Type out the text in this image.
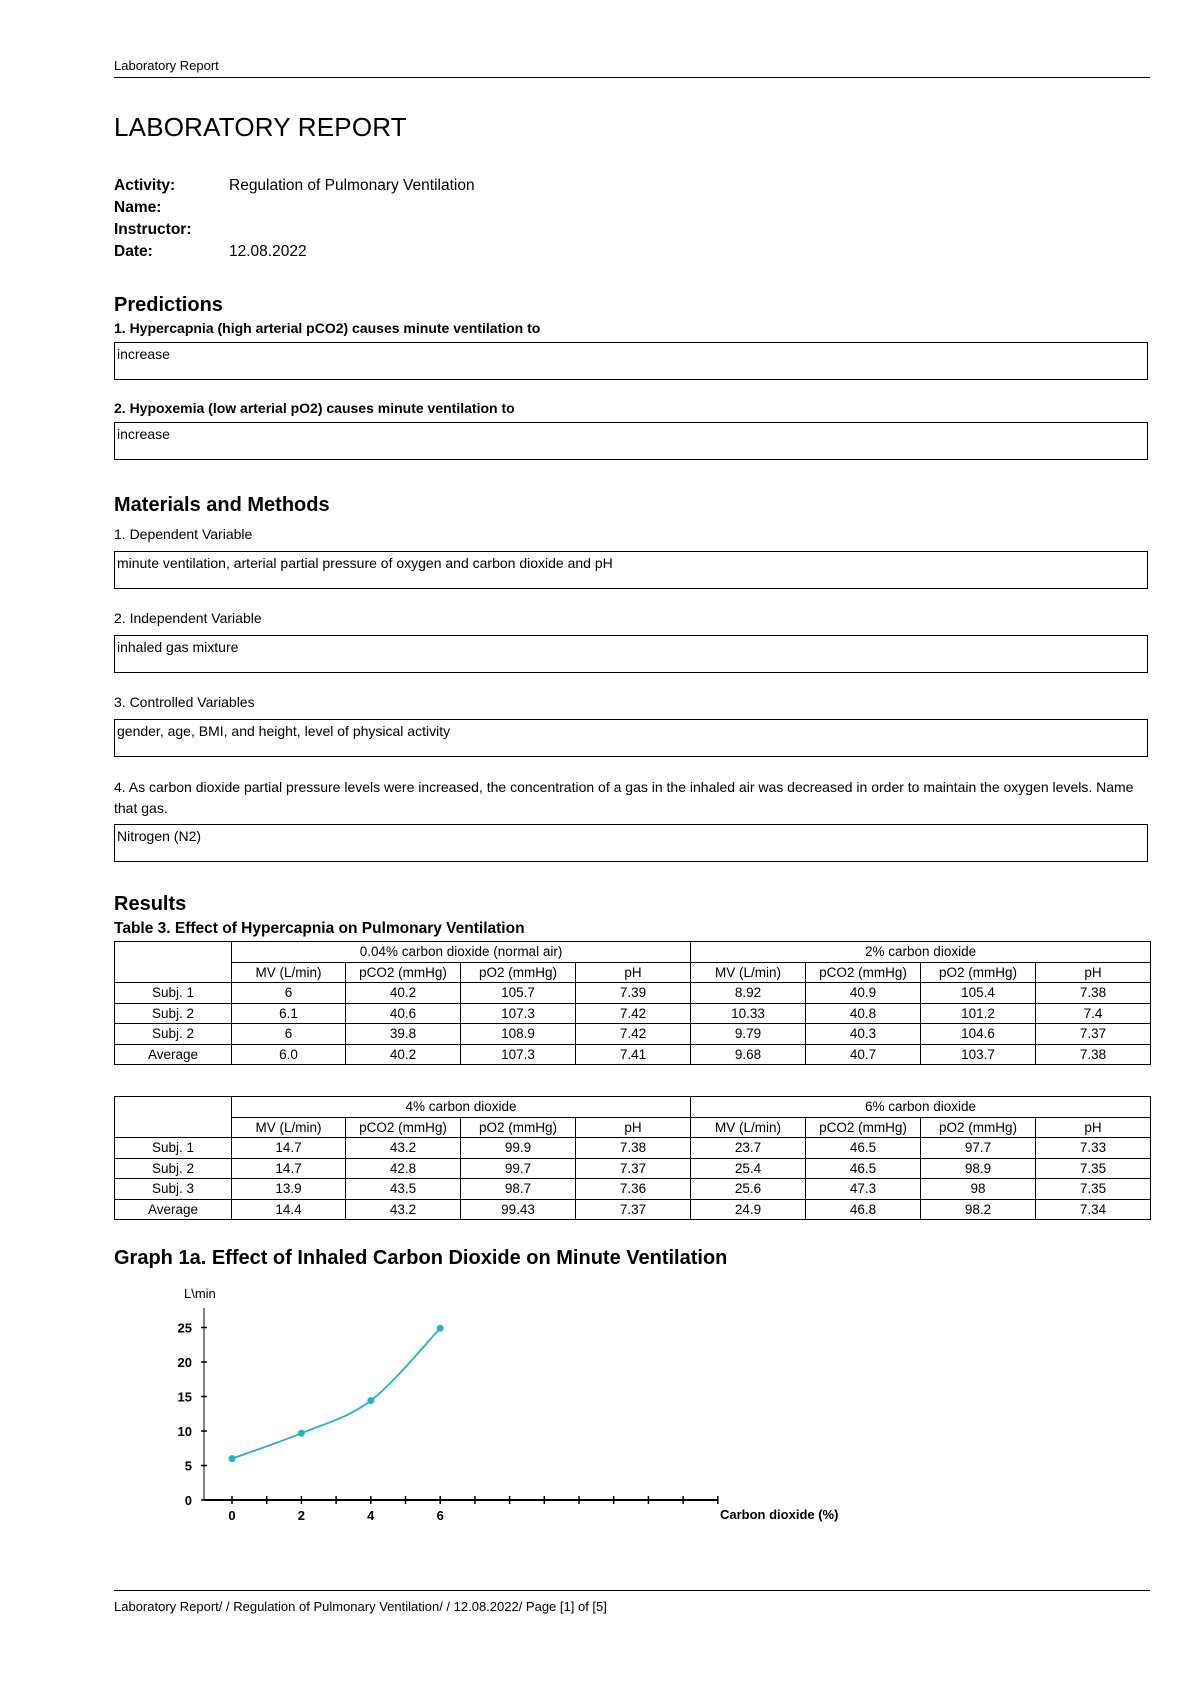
Laboratory Report
LABORATORY REPORT
Activity:	Regulation of Pulmonary Ventilation
Name:
Instructor:
Date:	12.08.2022
Predictions
1. Hypercapnia (high arterial pCO2) causes minute ventilation to
increase
2. Hypoxemia (low arterial pO2) causes minute ventilation to
increase
Materials and Methods
1. Dependent Variable
minute ventilation, arterial partial pressure of oxygen and carbon dioxide and pH
2. Independent Variable
inhaled gas mixture
3. Controlled Variables
gender, age, BMI, and height, level of physical activity
4. As carbon dioxide partial pressure levels were increased, the concentration of a gas in the inhaled air was decreased in order to maintain the oxygen levels. Name that gas.
Nitrogen (N2)
Results
Table 3. Effect of Hypercapnia on Pulmonary Ventilation
	0.04% carbon dioxide (normal air)				2% carbon dioxide			
	MV (L/min)	pCO2 (mmHg)	pO2 (mmHg)	pH	MV (L/min)	pCO2 (mmHg)	pO2 (mmHg)	pH
Subj. 1	6	40.2	105.7	7.39	8.92	40.9	105.4	7.38
Subj. 2	6.1	40.6	107.3	7.42	10.33	40.8	101.2	7.4
Subj. 2	6	39.8	108.9	7.42	9.79	40.3	104.6	7.37
Average	6.0	40.2	107.3	7.41	9.68	40.7	103.7	7.38
	4% carbon dioxide				6% carbon dioxide			
	MV (L/min)	pCO2 (mmHg)	pO2 (mmHg)	pH	MV (L/min)	pCO2 (mmHg)	pO2 (mmHg)	pH
Subj. 1	14.7	43.2	99.9	7.38	23.7	46.5	97.7	7.33
Subj. 2	14.7	42.8	99.7	7.37	25.4	46.5	98.9	7.35
Subj. 3	13.9	43.5	98.7	7.36	25.6	47.3	98	7.35
Average	14.4	43.2	99.43	7.37	24.9	46.8	98.2	7.34
Graph 1a. Effect of Inhaled Carbon Dioxide on Minute Ventilation
0
5
10
15
20
25
0	2	4	6
L\min
Carbon dioxide (%)
Laboratory Report/ / Regulation of Pulmonary Ventilation/ / 12.08.2022/ Page [1] of [5]
